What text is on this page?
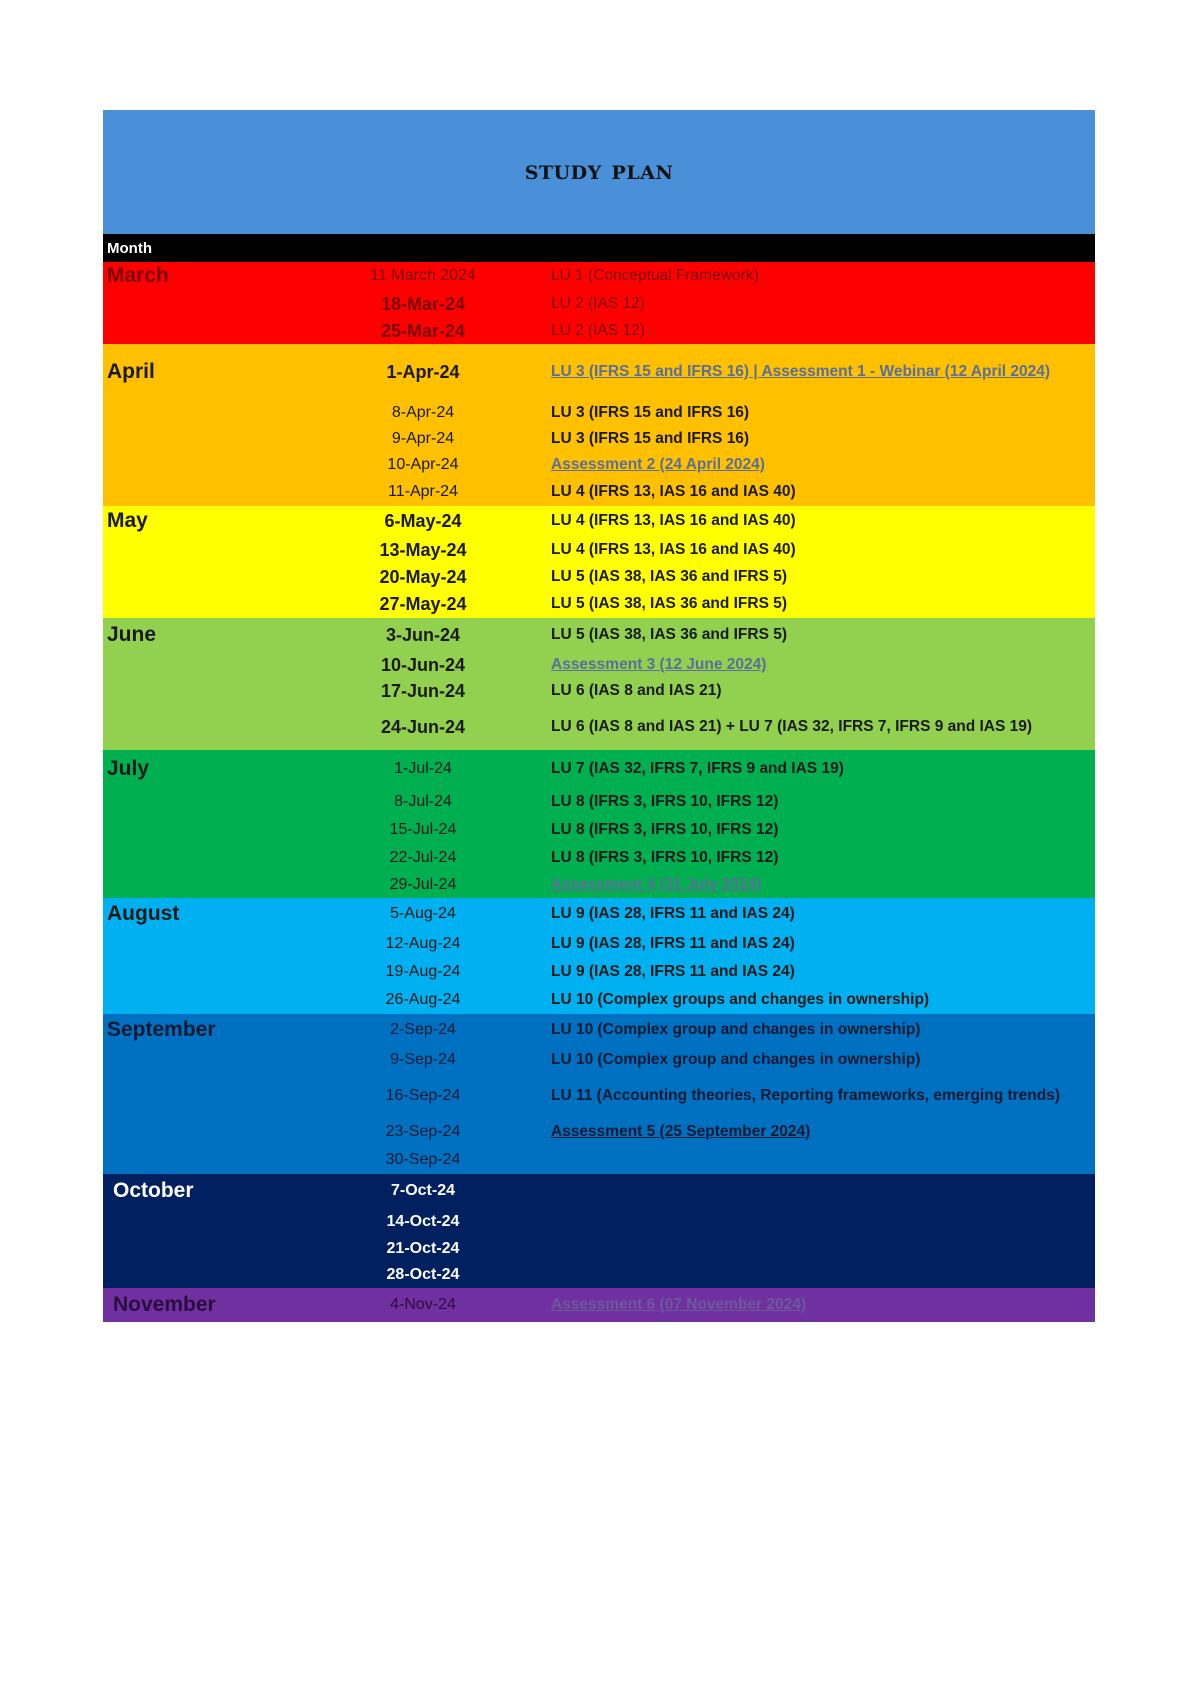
study plan
Month
March	11 March 2024	LU 1 (Conceptual Framework)
18-Mar-24	LU 2 (IAS 12)
25-Mar-24	LU 2 (IAS 12)
April	1-Apr-24	LU 3 (IFRS 15 and IFRS 16) | Assessment 1 - Webinar (12 April 2024)
8-Apr-24	LU 3 (IFRS 15 and IFRS 16)
9-Apr-24	LU 3 (IFRS 15 and IFRS 16)
10-Apr-24	Assessment 2 (24 April 2024)
11-Apr-24	LU 4 (IFRS 13, IAS 16 and IAS 40)
May	6-May-24	LU 4 (IFRS 13, IAS 16 and IAS 40)
13-May-24	LU 4 (IFRS 13, IAS 16 and IAS 40)
20-May-24	LU 5 (IAS 38, IAS 36 and IFRS 5)
27-May-24	LU 5 (IAS 38, IAS 36 and IFRS 5)
June	3-Jun-24	LU 5 (IAS 38, IAS 36 and IFRS 5)
10-Jun-24	Assessment 3 (12 June 2024)
17-Jun-24	LU 6 (IAS 8 and IAS 21)
24-Jun-24	LU 6 (IAS 8 and IAS 21) + LU 7 (IAS 32, IFRS 7, IFRS 9 and IAS 19)
July	1-Jul-24	LU 7 (IAS 32, IFRS 7, IFRS 9 and IAS 19)
8-Jul-24	LU 8 (IFRS 3, IFRS 10, IFRS 12)
15-Jul-24	LU 8 (IFRS 3, IFRS 10, IFRS 12)
22-Jul-24	LU 8 (IFRS 3, IFRS 10, IFRS 12)
29-Jul-24	Assessment 4 (31 July 2024)
August	5-Aug-24	LU 9 (IAS 28, IFRS 11 and IAS 24)
12-Aug-24	LU 9 (IAS 28, IFRS 11 and IAS 24)
19-Aug-24	LU 9 (IAS 28, IFRS 11 and IAS 24)
26-Aug-24	LU 10 (Complex groups and changes in ownership)
September	2-Sep-24	LU 10 (Complex group and changes in ownership)
9-Sep-24	LU 10 (Complex group and changes in ownership)
16-Sep-24	LU 11 (Accounting theories, Reporting frameworks, emerging trends)
23-Sep-24	Assessment 5 (25 September 2024)
30-Sep-24
October	7-Oct-24
14-Oct-24
21-Oct-24
28-Oct-24
November	4-Nov-24	Assessment 6 (07 November 2024)
